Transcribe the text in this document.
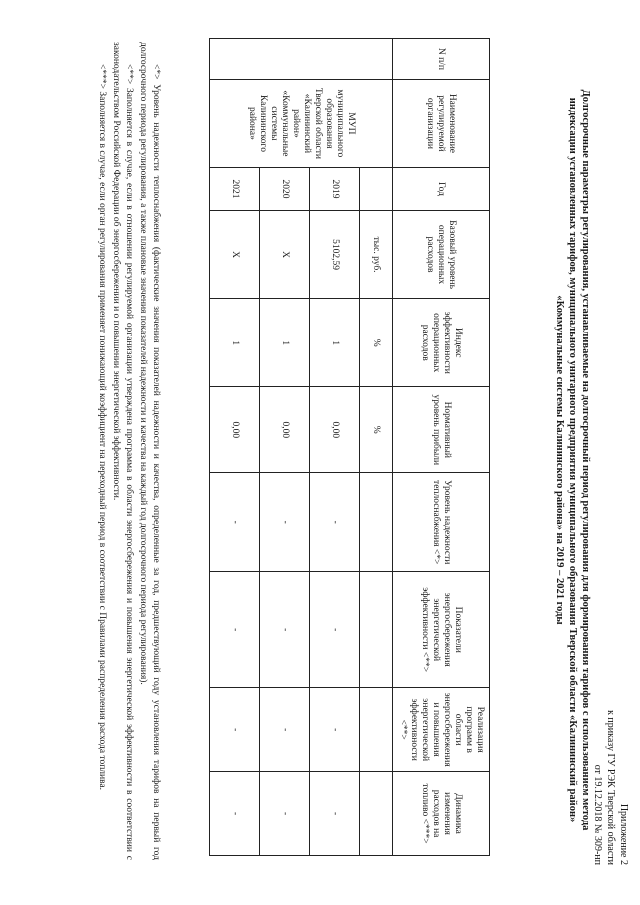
Приложение 2
к приказу ГУ РЭК Тверской области
от 19.12.2018 № 309-нп
Долгосрочные параметры регулирования, устанавливаемые на долгосрочный период регулирования для формирования тарифов с использованием метода индексации установленных тарифов, муниципального унитарного предприятия муниципального образования Тверской области «Калининский район» «Коммунальные системы Калининского района» на 2019 – 2021 годы
N п/п	Наименование регулируемой организации	Год	Базовый уровень операционных расходов	Индекс эффективности операционных расходов	Нормативный уровень прибыли	Уровень надежности теплоснабжения <*>	Показатели энергосбережения энергетической эффективности <**>	Реализация программ в области энергосбережения и повышения энергетической эффективности <**>	Динамика изменения расходов на топливо <***>
	МУП муниципального образования Тверской области «Калининский район» «Коммунальные системы Калининского района»		тыс. руб.	%	%				
		2019	5102,59	1	0,00	-	-	-	-
		2020	X	1	0,00	-	-	-	-
		2021	X	1	0,00	-	-	-	-

<*> Уровень надежности теплоснабжения (фактические значения показателей надежности и качества, определенные за год, предшествующий году установления тарифов на первый год долгосрочного периода регулирования, а также плановые значения показателей надежности и качества на каждый год долгосрочного периода регулирования).

<**> Заполняется в случае, если в отношении регулируемой организации утверждена программа в области энергосбережения и повышения энергетической эффективности в соответствии с законодательством Российской Федерации об энергосбережении и о повышении энергетической эффективности.

<***> Заполняется в случае, если орган регулирования применяет понижающий коэффициент на переходный период в соответствии с Правилами распределения расхода топлива.
